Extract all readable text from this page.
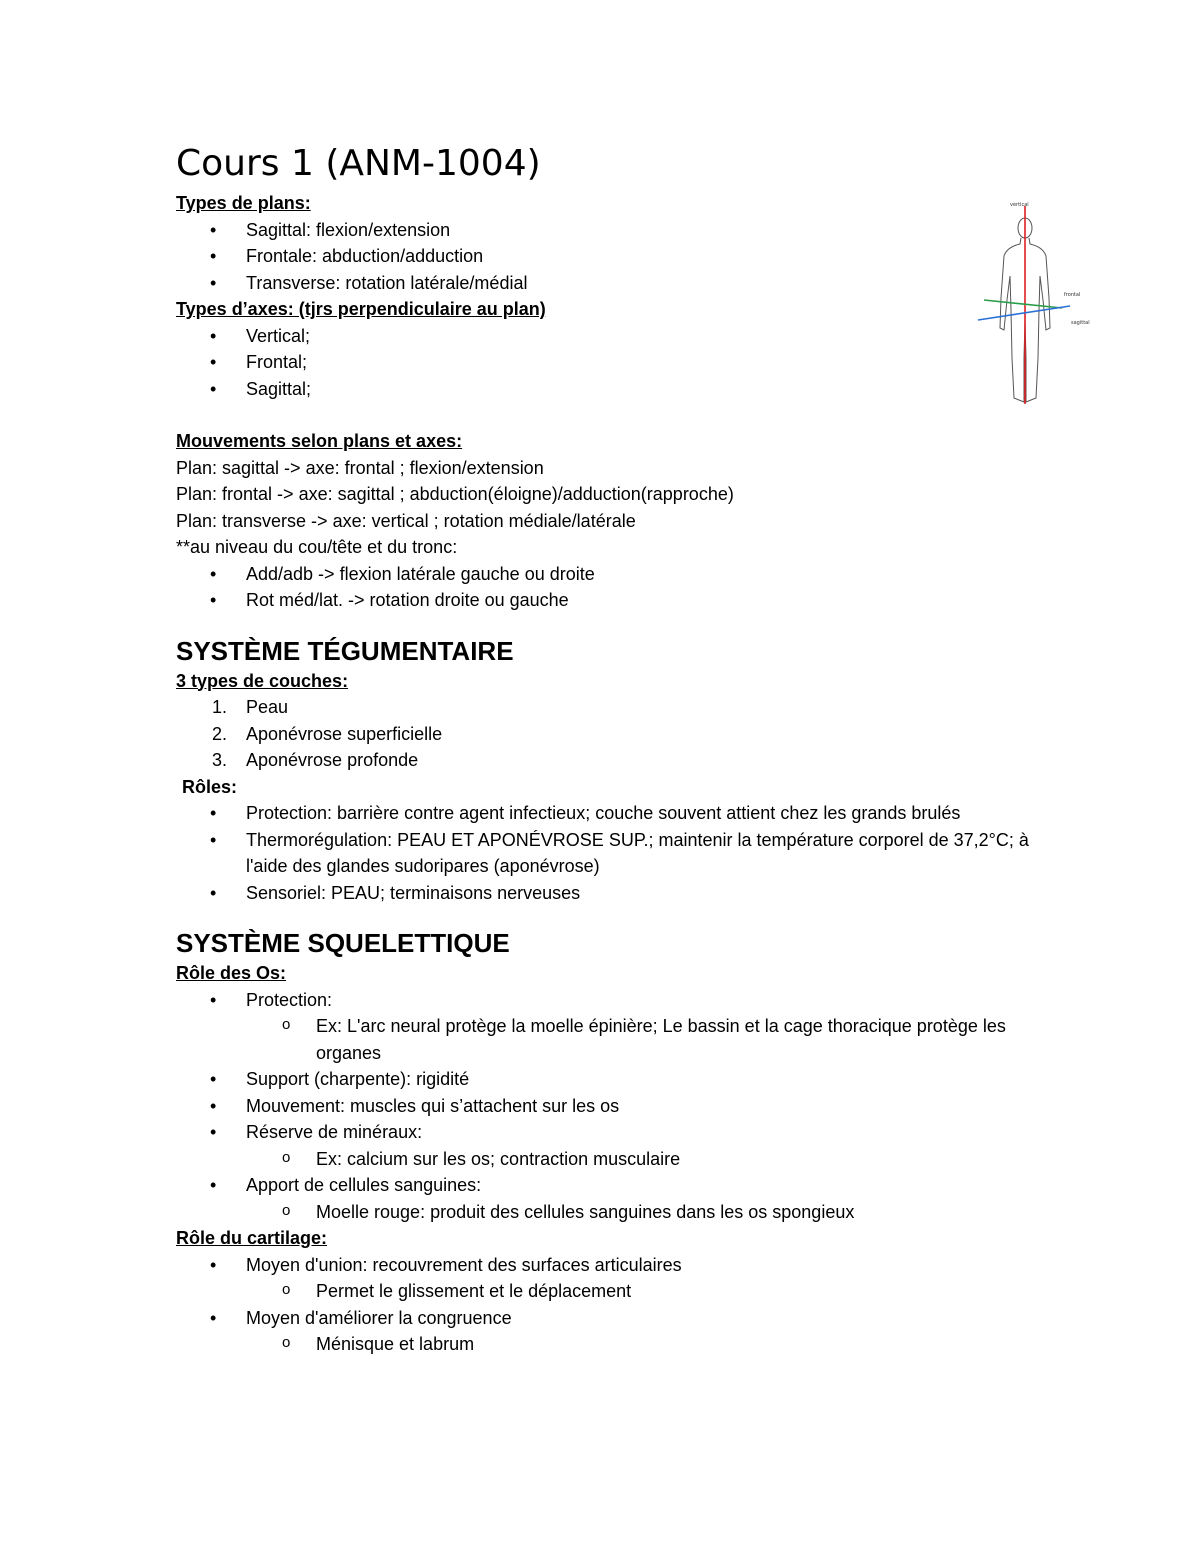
Cours 1 (ANM-1004)
Types de plans:
• Sagittal: flexion/extension
• Frontale: abduction/adduction
• Transverse: rotation latérale/médial
Types d’axes: (tjrs perpendiculaire au plan)
• Vertical;
• Frontal;
• Sagittal;
Mouvements selon plans et axes:

Plan: sagittal -> axe: frontal ; flexion/extension

Plan: frontal -> axe: sagittal ; abduction(éloigne)/adduction(rapproche)

Plan: transverse -> axe: vertical ; rotation médiale/latérale

**au niveau du cou/tête et du tronc:

• Add/adb -> flexion latérale gauche ou droite
• Rot méd/lat. -> rotation droite ou gauche
SYSTÈME TÉGUMENTAIRE
3 types de couches:
1. Peau
2. Aponévrose superficielle
3. Aponévrose profonde
Rôles:
• Protection: barrière contre agent infectieux; couche souvent attient chez les grands brulés
• Thermorégulation: PEAU ET APONÉVROSE SUP.; maintenir la température corporel de 37,2°C; à l'aide des glandes sudoripares (aponévrose)
• Sensoriel: PEAU; terminaisons nerveuses
SYSTÈME SQUELETTIQUE
Rôle des Os:
• Protection:
o Ex: L'arc neural protège la moelle épinière; Le bassin et la cage thoracique protège les organes
• Support (charpente): rigidité
• Mouvement: muscles qui s’attachent sur les os
• Réserve de minéraux:
o Ex: calcium sur les os; contraction musculaire
• Apport de cellules sanguines:
o Moelle rouge: produit des cellules sanguines dans les os spongieux
Rôle du cartilage:
• Moyen d'union: recouvrement des surfaces articulaires
o Permet le glissement et le déplacement
• Moyen d'améliorer la congruence
o Ménisque et labrum
vertical
frontal
sagittal
